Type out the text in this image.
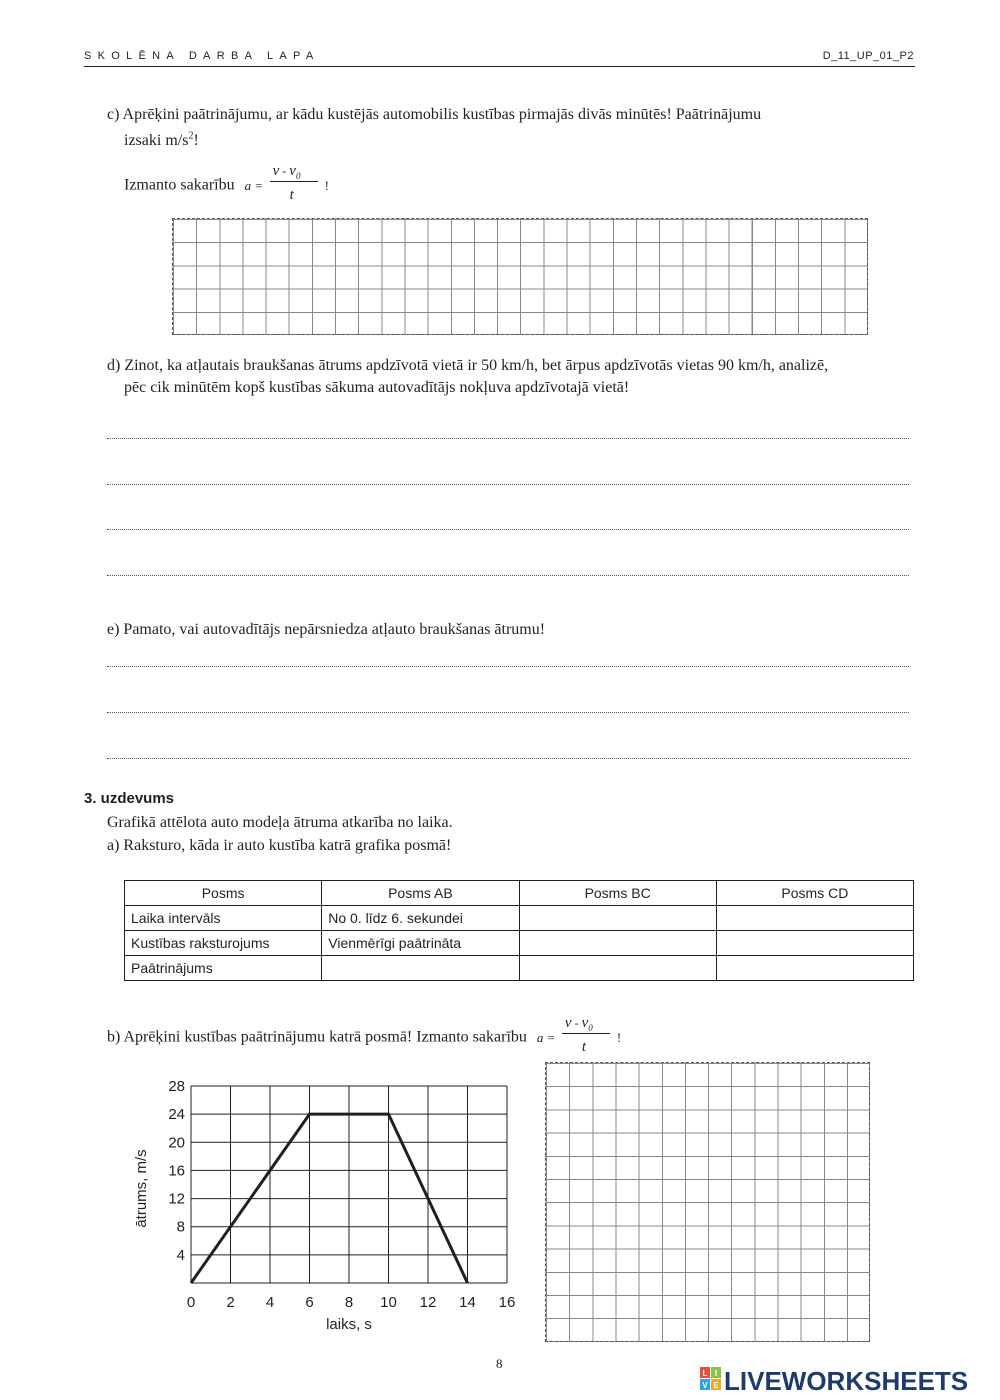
SKOLĒNA DARBA LAPA	D_11_UP_01_P2
c) Aprēķini paātrinājumu, ar kādu kustējās automobilis kustības pirmajās divās minūtēs! Paātrinājumu
izsaki $m/s^2$!
Izmanto sakarību a =
v - $v_0$
t
!
d) Zinot, ka atļautais braukšanas ātrums apdzīvotā vietā ir 50 km/h, bet ārpus apdzīvotās vietas 90 km/h, analizē,
pēc cik minūtēm kopš kustības sākuma autovadītājs nokļuva apdzīvotajā vietā!
e) Pamato, vai autovadītājs nepārsniedza atļauto braukšanas ātrumu!
3. uzdevums
Grafikā attēlota auto modeļa ātruma atkarība no laika.
a) Raksturo, kāda ir auto kustība katrā grafika posmā!
Posms	Posms AB	Posms BC	Posms CD
Laika intervāls	No 0. līdz 6. sekundei		
Kustības raksturojums	Vienmērīgi paātrināta		
Paātrinājums			
b) Aprēķini kustības paātrinājumu katrā posmā! Izmanto sakarību a =
v - $v_0$
t
!
0 2 4 6 8 10 12 14 16
4
8
12
16
20
24
28
laiks, s
ātrums, m/s
8
L I
V E LIVEWORKSHEETS
